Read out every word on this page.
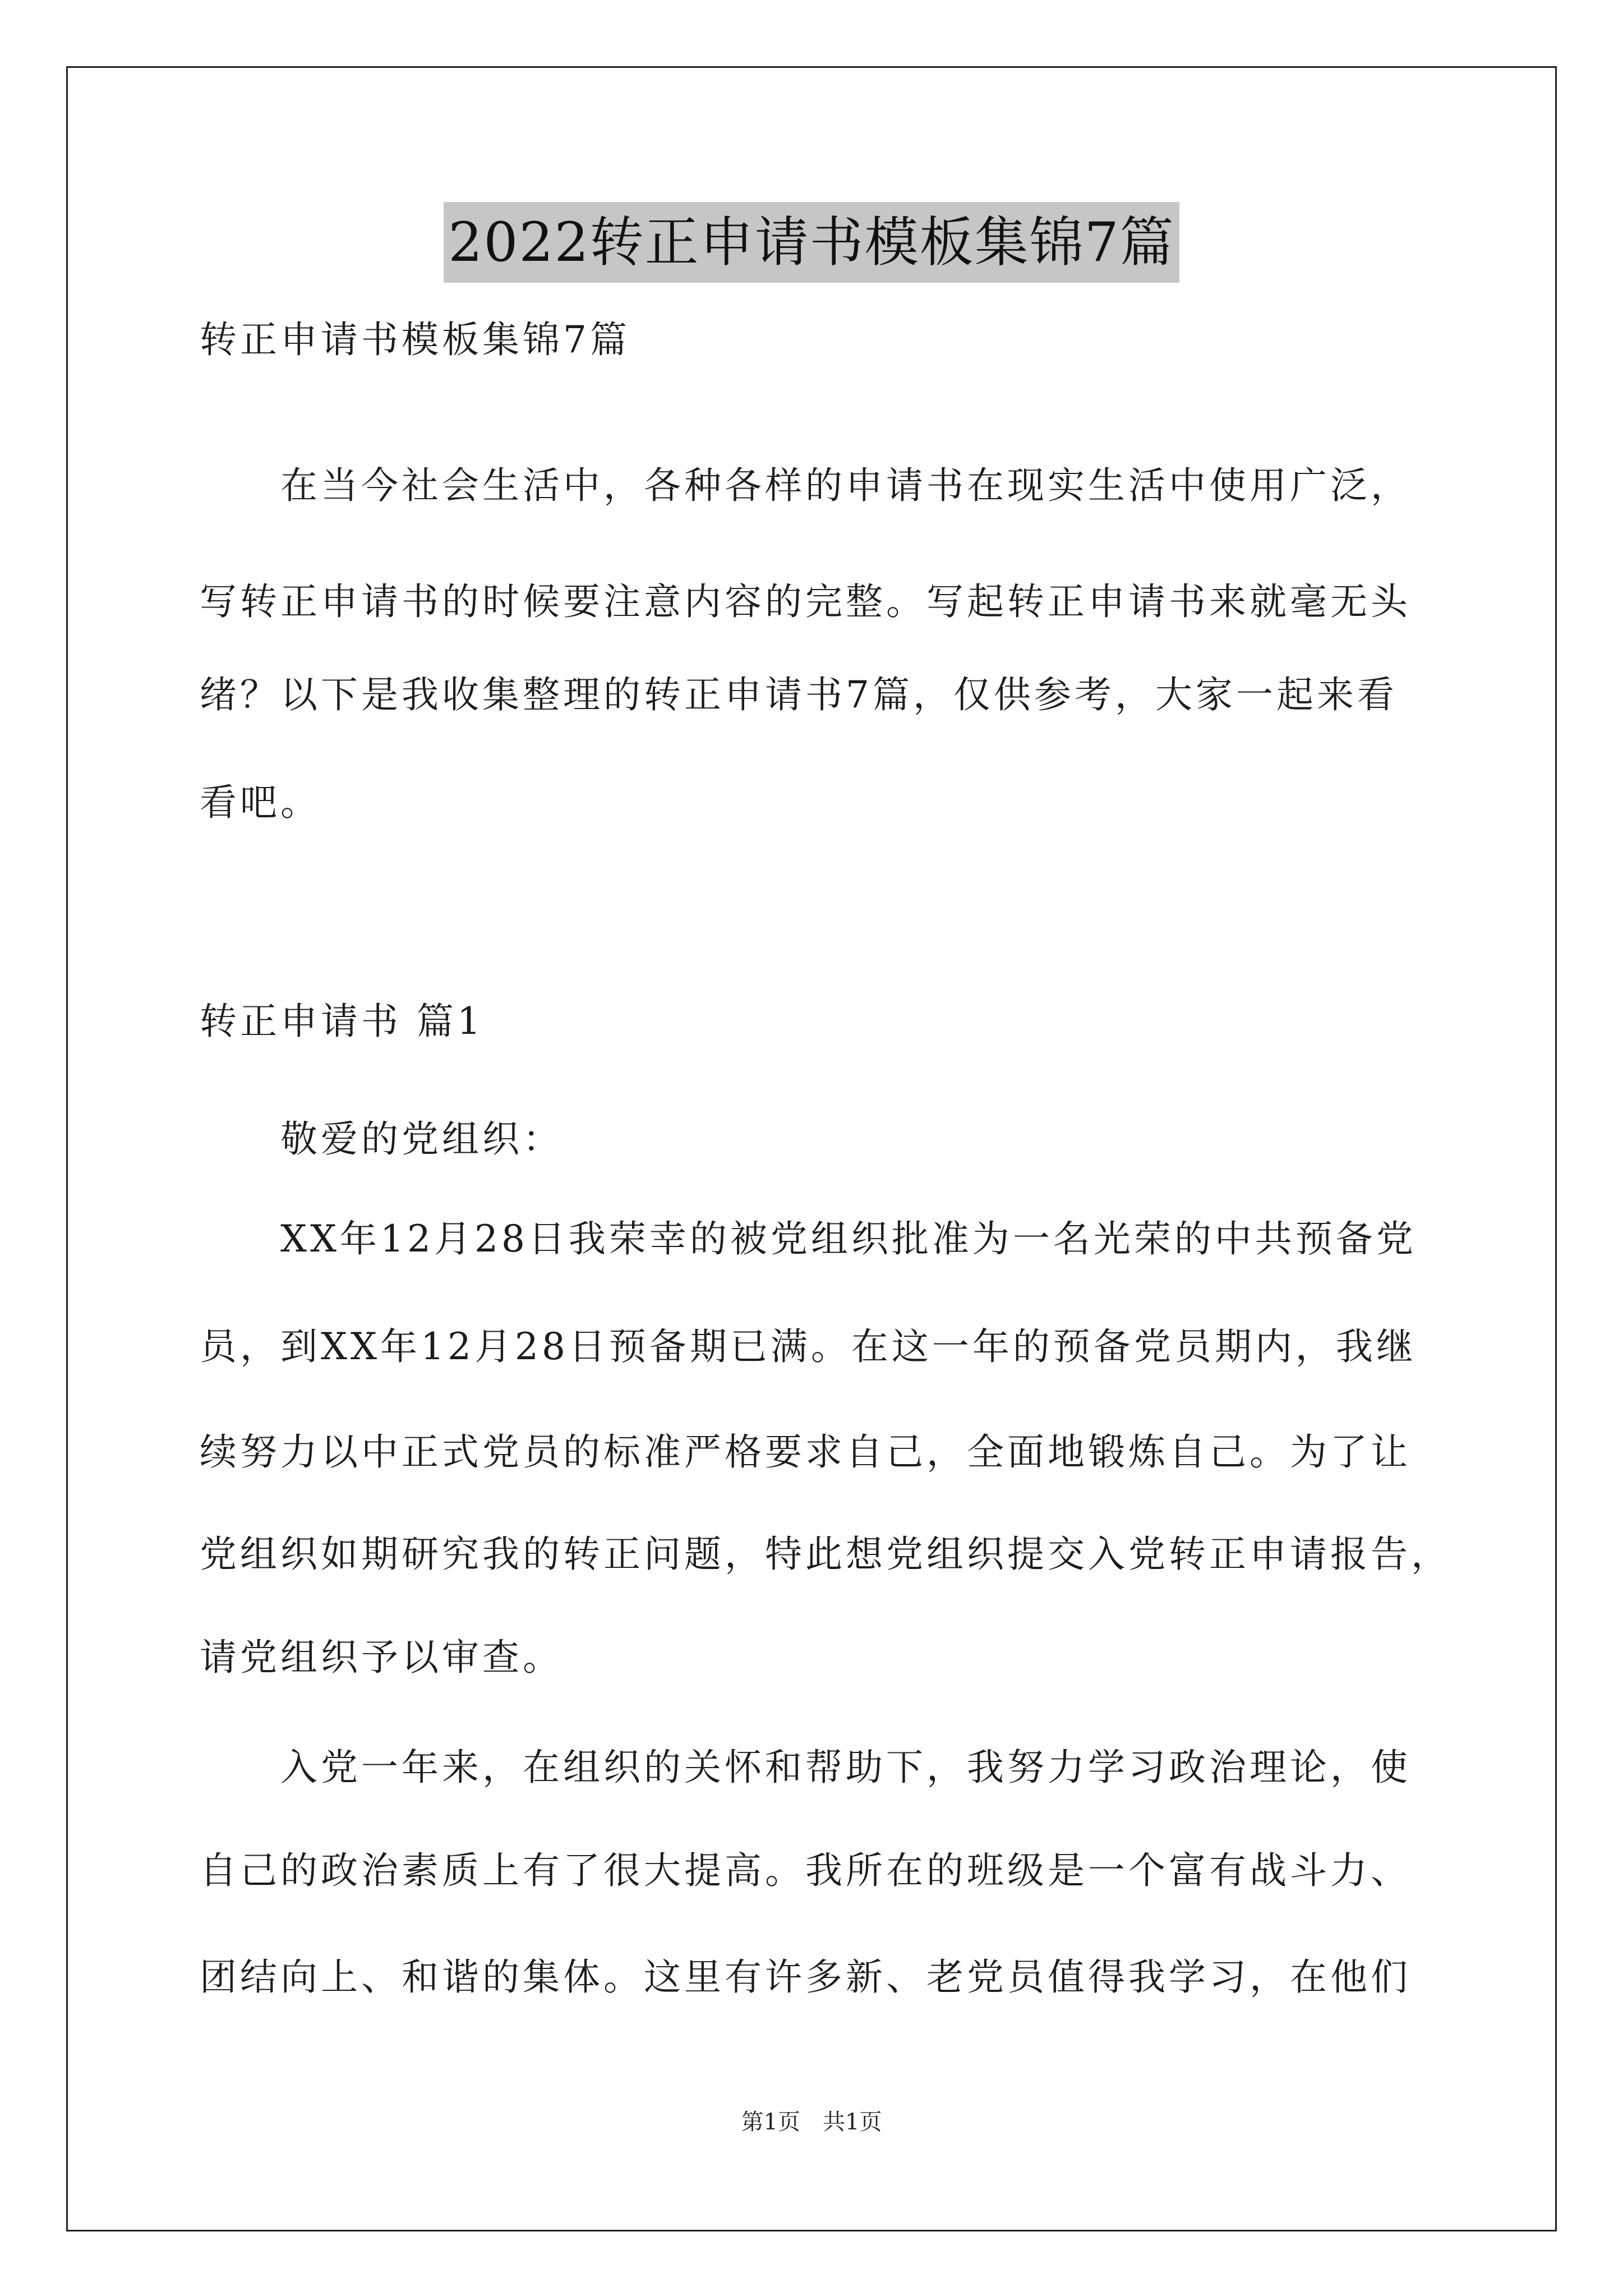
2022转正申请书模板集锦7篇
转正申请书模板集锦7篇
　　在当今社会生活中，各种各样的申请书在现实生活中使用广泛，
写转正申请书的时候要注意内容的完整。写起转正申请书来就毫无头
绪？以下是我收集整理的转正申请书7篇，仅供参考，大家一起来看
看吧。
转正申请书 篇1
　　敬爱的党组织：
　　XX年12月28日我荣幸的被党组织批准为一名光荣的中共预备党
员，到XX年12月28日预备期已满。在这一年的预备党员期内，我继
续努力以中正式党员的标准严格要求自己，全面地锻炼自己。为了让
党组织如期研究我的转正问题，特此想党组织提交入党转正申请报告，
请党组织予以审查。
　　入党一年来，在组织的关怀和帮助下，我努力学习政治理论，使
自己的政治素质上有了很大提高。我所在的班级是一个富有战斗力、
团结向上、和谐的集体。这里有许多新、老党员值得我学习，在他们
第1页 共1页
